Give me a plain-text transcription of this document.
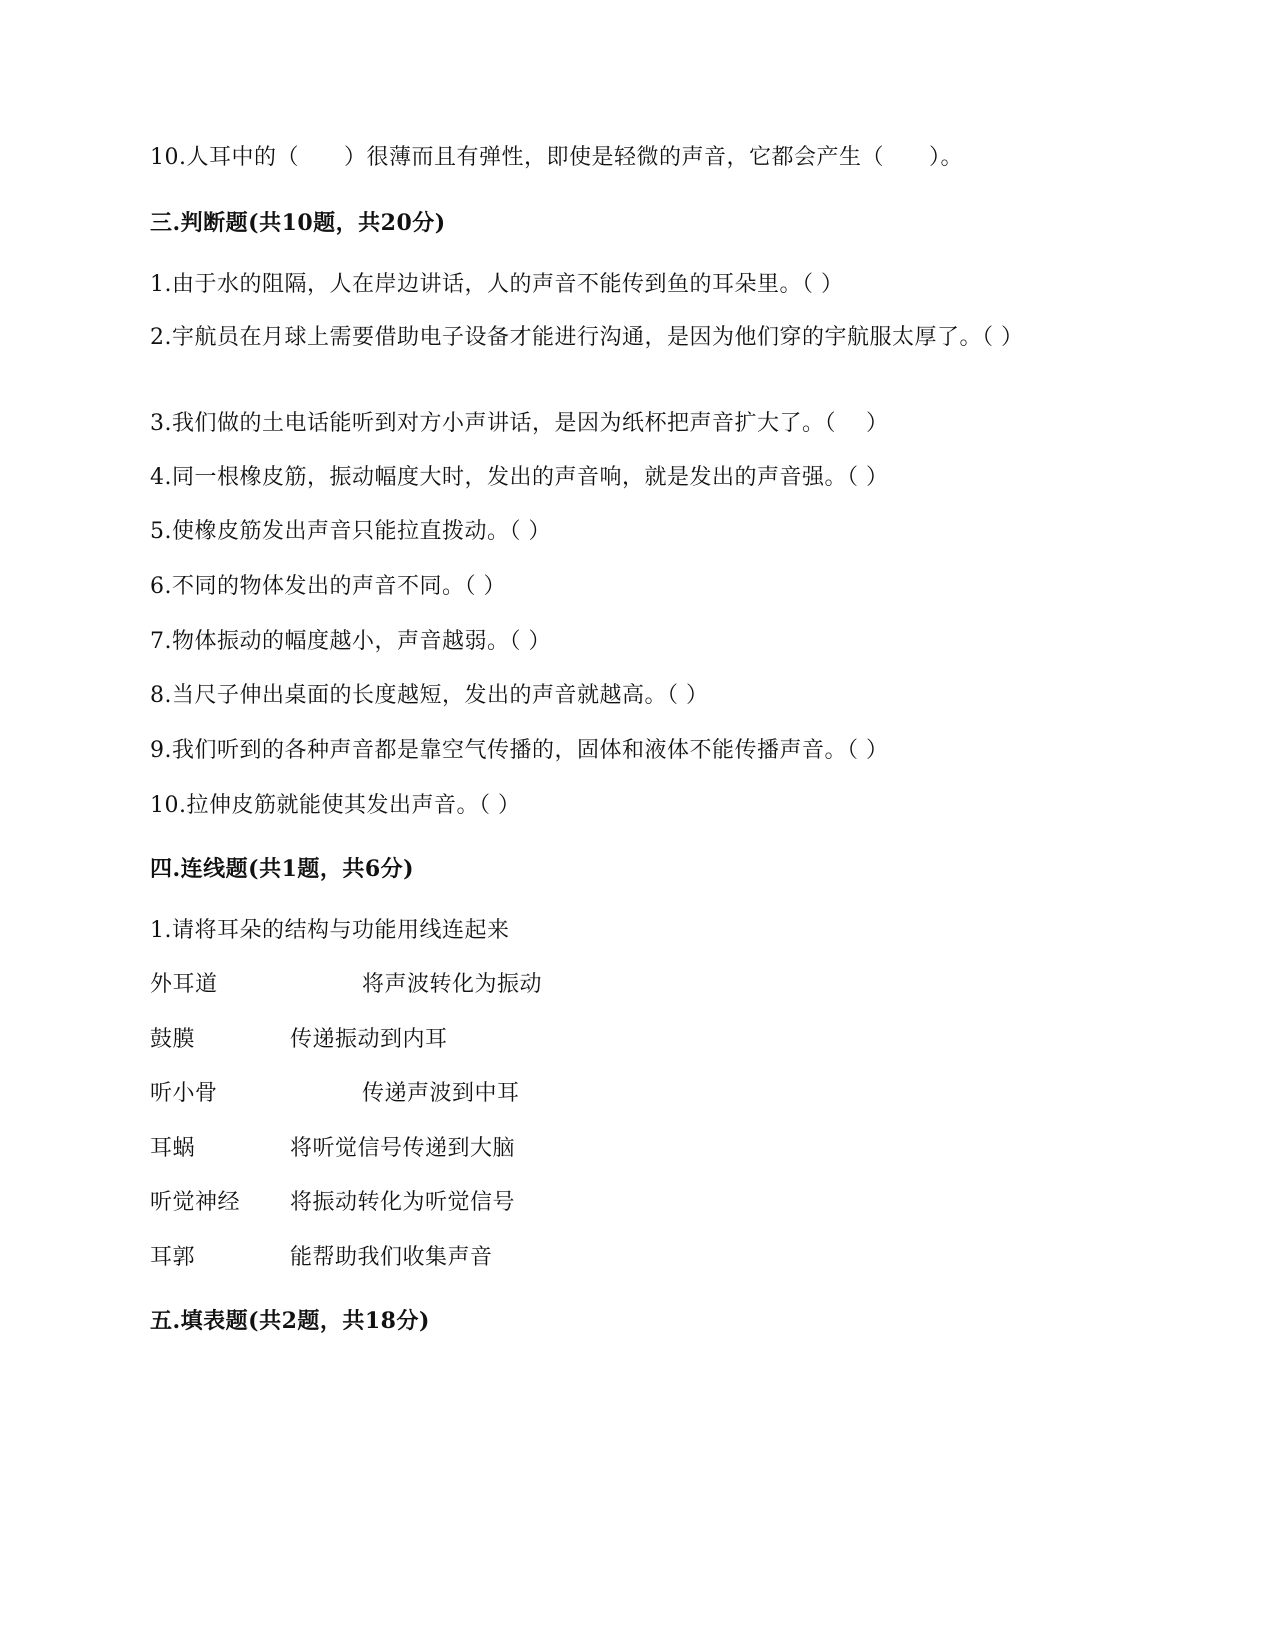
10.人耳中的（　　）很薄而且有弹性，即使是轻微的声音，它都会产生（　　）。
三.判断题(共10题，共20分)
1.由于水的阻隔，人在岸边讲话，人的声音不能传到鱼的耳朵里。（ ）
2.宇航员在月球上需要借助电子设备才能进行沟通，是因为他们穿的宇航服太厚了。（ ）
3.我们做的土电话能听到对方小声讲话，是因为纸杯把声音扩大了。（　 ）
4.同一根橡皮筋，振动幅度大时，发出的声音响，就是发出的声音强。（ ）
5.使橡皮筋发出声音只能拉直拨动。（ ）
6.不同的物体发出的声音不同。（ ）
7.物体振动的幅度越小，声音越弱。（ ）
8.当尺子伸出桌面的长度越短，发出的声音就越高。（ ）
9.我们听到的各种声音都是靠空气传播的，固体和液体不能传播声音。（ ）
10.拉伸皮筋就能使其发出声音。（ ）
四.连线题(共1题，共6分)
1.请将耳朵的结构与功能用线连起来
外耳道	将声波转化为振动
鼓膜	传递振动到内耳
听小骨	传递声波到中耳
耳蜗	将听觉信号传递到大脑
听觉神经 将振动转化为听觉信号
耳郭	能帮助我们收集声音
五.填表题(共2题，共18分)
